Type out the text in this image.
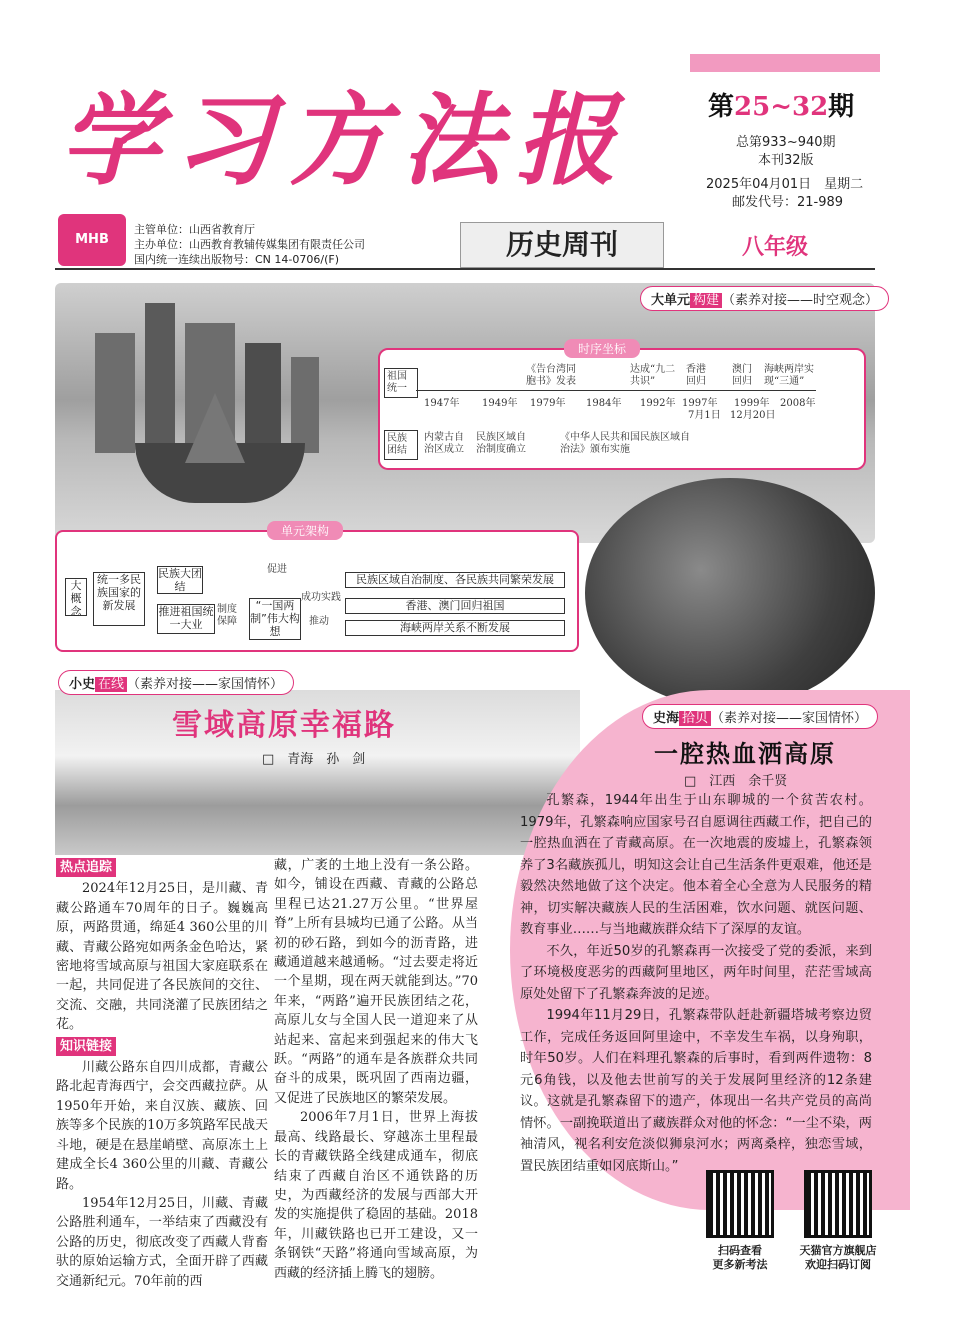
学习方法报	第25~32期
总第933~940期
本刊32版
2025年04月01日　星期二
邮发代号：21-989
MHB
主管单位：山西省教育厅
主办单位：山西教育教辅传媒集团有限责任公司
国内统一连续出版物号：CN 14-0706/(F)	历史周刊	八年级
大单元 构建 （素养对接——时空观念）
时序坐标
祖国统一
《告台湾同胞书》发表
达成“九二共识”
香港回归
澳门回归
海峡两岸实现“三通”
1947年 1949年 1979年 1984年 1992年 1997年 1999年 2008年
7月1日 12月20日
民族团结
内蒙古自治区成立
民族区域自治制度确立
《中华人民共和国民族区域自治法》颁布实施
单元架构
大概念
统一多民族国家的新发展
民族大团结
推进祖国统一大业
促进
制度保障
“一国两制”伟大构想
成功实践
推动
民族区域自治制度、各民族共同繁荣发展
香港、澳门回归祖国
海峡两岸关系不断发展
小史 在线 （素养对接——家国情怀）
雪域高原幸福路
□　青海　孙　剑
热点追踪

2024年12月25日，是川藏、青藏公路通车70周年的日子。巍巍高原，两路贯通，绵延4 360公里的川藏、青藏公路宛如两条金色哈达，紧密地将雪域高原与祖国大家庭联系在一起，共同促进了各民族间的交往、交流、交融，共同浇灌了民族团结之花。

知识链接

川藏公路东自四川成都，青藏公路北起青海西宁，会交西藏拉萨。从1950年开始，来自汉族、藏族、回族等多个民族的10万多筑路军民战天斗地，硬是在悬崖峭壁、高原冻土上建成全长4 360公里的川藏、青藏公路。

1954年12月25日，川藏、青藏公路胜利通车，一举结束了西藏没有公路的历史，彻底改变了西藏人背畜驮的原始运输方式，全面开辟了西藏交通新纪元。70年前的西

藏，广袤的土地上没有一条公路。如今，铺设在西藏、青藏的公路总里程已达21.27万公里。“世界屋脊”上所有县城均已通了公路。从当初的砂石路，到如今的沥青路，进藏通道越来越通畅。“过去要走将近一个星期，现在两天就能到达。”70年来，“两路”遍开民族团结之花，高原儿女与全国人民一道迎来了从站起来、富起来到强起来的伟大飞跃。“两路”的通车是各族群众共同奋斗的成果，既巩固了西南边疆，又促进了民族地区的繁荣发展。

2006年7月1日，世界上海拔最高、线路最长、穿越冻土里程最长的青藏铁路全线建成通车，彻底结束了西藏自治区不通铁路的历史，为西藏经济的发展与西部大开发的实施提供了稳固的基础。2018年，川藏铁路也已开工建设，又一条钢铁“天路”将通向雪域高原，为西藏的经济插上腾飞的翅膀。

史海 拾贝 （素养对接——家国情怀）
一腔热血洒高原
□　江西　余千贤

孔繁森，1944年出生于山东聊城的一个贫苦农村。1979年，孔繁森响应国家号召自愿调往西藏工作，把自己的一腔热血洒在了青藏高原。在一次地震的废墟上，孔繁森领养了3名藏族孤儿，明知这会让自己生活条件更艰难，他还是毅然决然地做了这个决定。他本着全心全意为人民服务的精神，切实解决藏族人民的生活困难，饮水问题、就医问题、教育事业……与当地藏族群众结下了深厚的友谊。

不久，年近50岁的孔繁森再一次接受了党的委派，来到了环境极度恶劣的西藏阿里地区，两年时间里，茫茫雪域高原处处留下了孔繁森奔波的足迹。

1994年11月29日，孔繁森带队赶赴新疆塔城考察边贸工作，完成任务返回阿里途中，不幸发生车祸，以身殉职，时年50岁。人们在料理孔繁森的后事时，看到两件遗物：8元6角钱，以及他去世前写的关于发展阿里经济的12条建议。这就是孔繁森留下的遗产，体现出一名共产党员的高尚情怀。一副挽联道出了藏族群众对他的怀念：“一尘不染，两袖清风，视名利安危淡似狮泉河水；两离桑梓，独恋雪域，置民族团结重如冈底斯山。”

扫码查看
更多新考法
天猫官方旗舰店
欢迎扫码订阅
